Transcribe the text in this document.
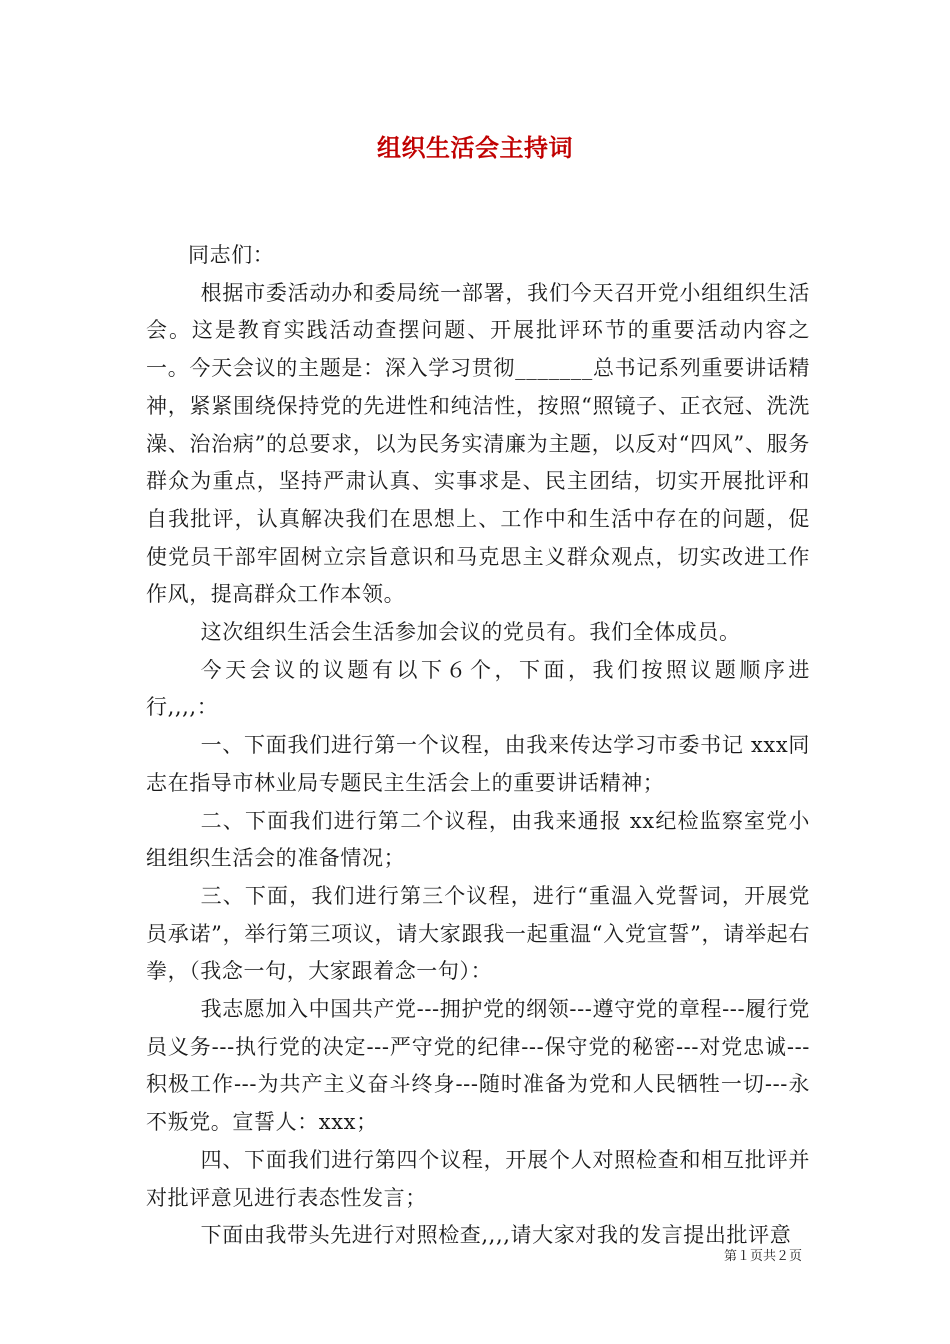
组织生活会主持词

同志们：

根据市委活动办和委局统一部署，我们今天召开党小组组织生活会。这是教育实践活动查摆问题、开展批评环节的重要活动内容之一。今天会议的主题是：深入学习贯彻_______总书记系列重要讲话精神，紧紧围绕保持党的先进性和纯洁性，按照“照镜子、正衣冠、洗洗澡、治治病”的总要求，以为民务实清廉为主题，以反对“四风”、服务群众为重点，坚持严肃认真、实事求是、民主团结，切实开展批评和自我批评，认真解决我们在思想上、工作中和生活中存在的问题，促使党员干部牢固树立宗旨意识和马克思主义群众观点，切实改进工作作风，提高群众工作本领。

这次组织生活会生活参加会议的党员有。我们全体成员。

今天会议的议题有以下６个，下面，我们按照议题顺序进行,,,,：

一、下面我们进行第一个议程，由我来传达学习市委书记 xxx同志在指导市林业局专题民主生活会上的重要讲话精神；

二、下面我们进行第二个议程，由我来通报 xx纪检监察室党小组组织生活会的准备情况；

三、下面，我们进行第三个议程，进行“重温入党誓词，开展党员承诺”，举行第三项议，请大家跟我一起重温“入党宣誓”，请举起右拳，（我念一句，大家跟着念一句）：

我志愿加入中国共产党---拥护党的纲领---遵守党的章程---履行党员义务---执行党的决定---严守党的纪律---保守党的秘密---对党忠诚---积极工作---为共产主义奋斗终身---随时准备为党和人民牺牲一切---永不叛党。宣誓人：xxx；

四、下面我们进行第四个议程，开展个人对照检查和相互批评并对批评意见进行表态性发言；

下面由我带头先进行对照检查,,,,请大家对我的发言提出批评意

第１页共２页
